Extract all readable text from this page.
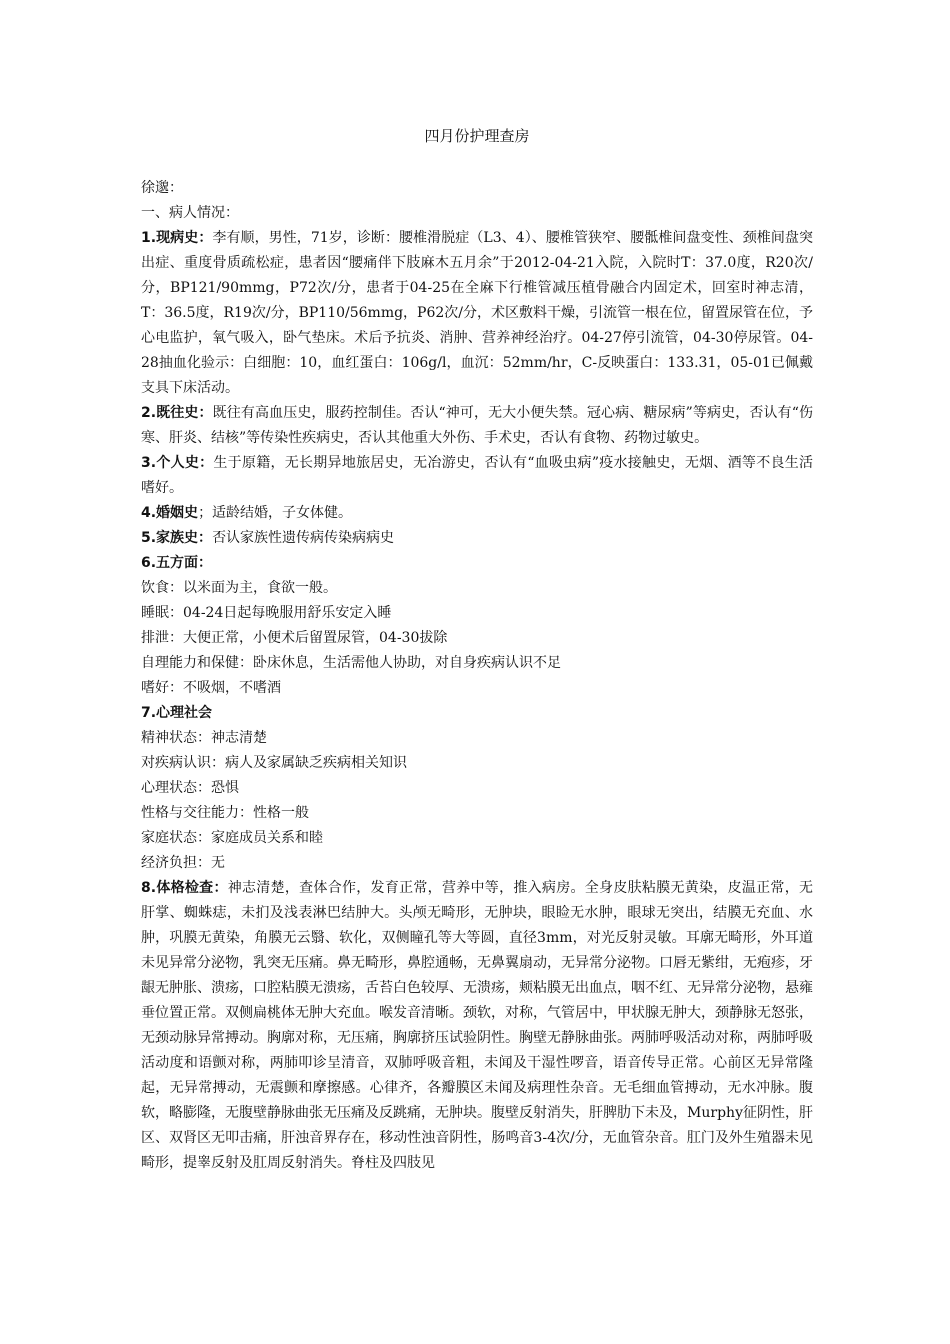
四月份护理查房

徐邈：

一、病人情况：

1.现病史：李有顺，男性，71岁，诊断：腰椎滑脱症（L3、4）、腰椎管狭窄、腰骶椎间盘变性、颈椎间盘突出症、重度骨质疏松症，患者因“腰痛伴下肢麻木五月余”于2012-04-21入院，入院时T：37.0度，R20次/分，BP121/90mmg，P72次/分，患者于04-25在全麻下行椎管减压植骨融合内固定术，回室时神志清，T：36.5度，R19次/分，BP110/56mmg，P62次/分，术区敷料干燥，引流管一根在位，留置尿管在位，予心电监护，氧气吸入，卧气垫床。术后予抗炎、消肿、营养神经治疗。04-27停引流管，04-30停尿管。04-28抽血化验示：白细胞：10，血红蛋白：106g/l，血沉：52mm/hr，C-反映蛋白：133.31，05-01已佩戴支具下床活动。

2.既往史：既往有高血压史，服药控制佳。否认“神可，无大小便失禁。冠心病、糖尿病”等病史，否认有“伤寒、肝炎、结核”等传染性疾病史，否认其他重大外伤、手术史，否认有食物、药物过敏史。

3.个人史：生于原籍，无长期异地旅居史，无冶游史，否认有“血吸虫病”疫水接触史，无烟、酒等不良生活嗜好。

4.婚姻史；适龄结婚，子女体健。

5.家族史：否认家族性遗传病传染病病史

6.五方面：

饮食：以米面为主，食欲一般。

睡眠：04-24日起每晚服用舒乐安定入睡

排泄：大便正常，小便术后留置尿管，04-30拔除

自理能力和保健：卧床休息，生活需他人协助，对自身疾病认识不足

嗜好：不吸烟，不嗜酒

7.心理社会

精神状态：神志清楚

对疾病认识：病人及家属缺乏疾病相关知识

心理状态：恐惧

性格与交往能力：性格一般

家庭状态：家庭成员关系和睦

经济负担：无

8.体格检查：神志清楚，查体合作，发育正常，营养中等，推入病房。全身皮肤粘膜无黄染，皮温正常，无肝掌、蜘蛛痣，未扪及浅表淋巴结肿大。头颅无畸形，无肿块，眼睑无水肿，眼球无突出，结膜无充血、水肿，巩膜无黄染，角膜无云翳、软化，双侧瞳孔等大等圆，直径3mm，对光反射灵敏。耳廓无畸形，外耳道未见异常分泌物，乳突无压痛。鼻无畸形，鼻腔通畅，无鼻翼扇动，无异常分泌物。口唇无紫绀，无疱疹，牙龈无肿胀、溃疡，口腔粘膜无溃疡，舌苔白色较厚、无溃疡，颊粘膜无出血点，咽不红、无异常分泌物，悬雍垂位置正常。双侧扁桃体无肿大充血。喉发音清晰。颈软，对称，气管居中，甲状腺无肿大，颈静脉无怒张，无颈动脉异常搏动。胸廓对称，无压痛，胸廓挤压试验阴性。胸壁无静脉曲张。两肺呼吸活动对称，两肺呼吸活动度和语颤对称，两肺叩诊呈清音，双肺呼吸音粗，未闻及干湿性啰音，语音传导正常。心前区无异常隆起，无异常搏动，无震颤和摩擦感。心律齐，各瓣膜区未闻及病理性杂音。无毛细血管搏动，无水冲脉。腹软，略膨隆，无腹壁静脉曲张无压痛及反跳痛，无肿块。腹壁反射消失，肝脾肋下未及，Murphy征阴性，肝区、双肾区无叩击痛，肝浊音界存在，移动性浊音阴性，肠鸣音3-4次/分，无血管杂音。肛门及外生殖器未见畸形，提睾反射及肛周反射消失。脊柱及四肢见
